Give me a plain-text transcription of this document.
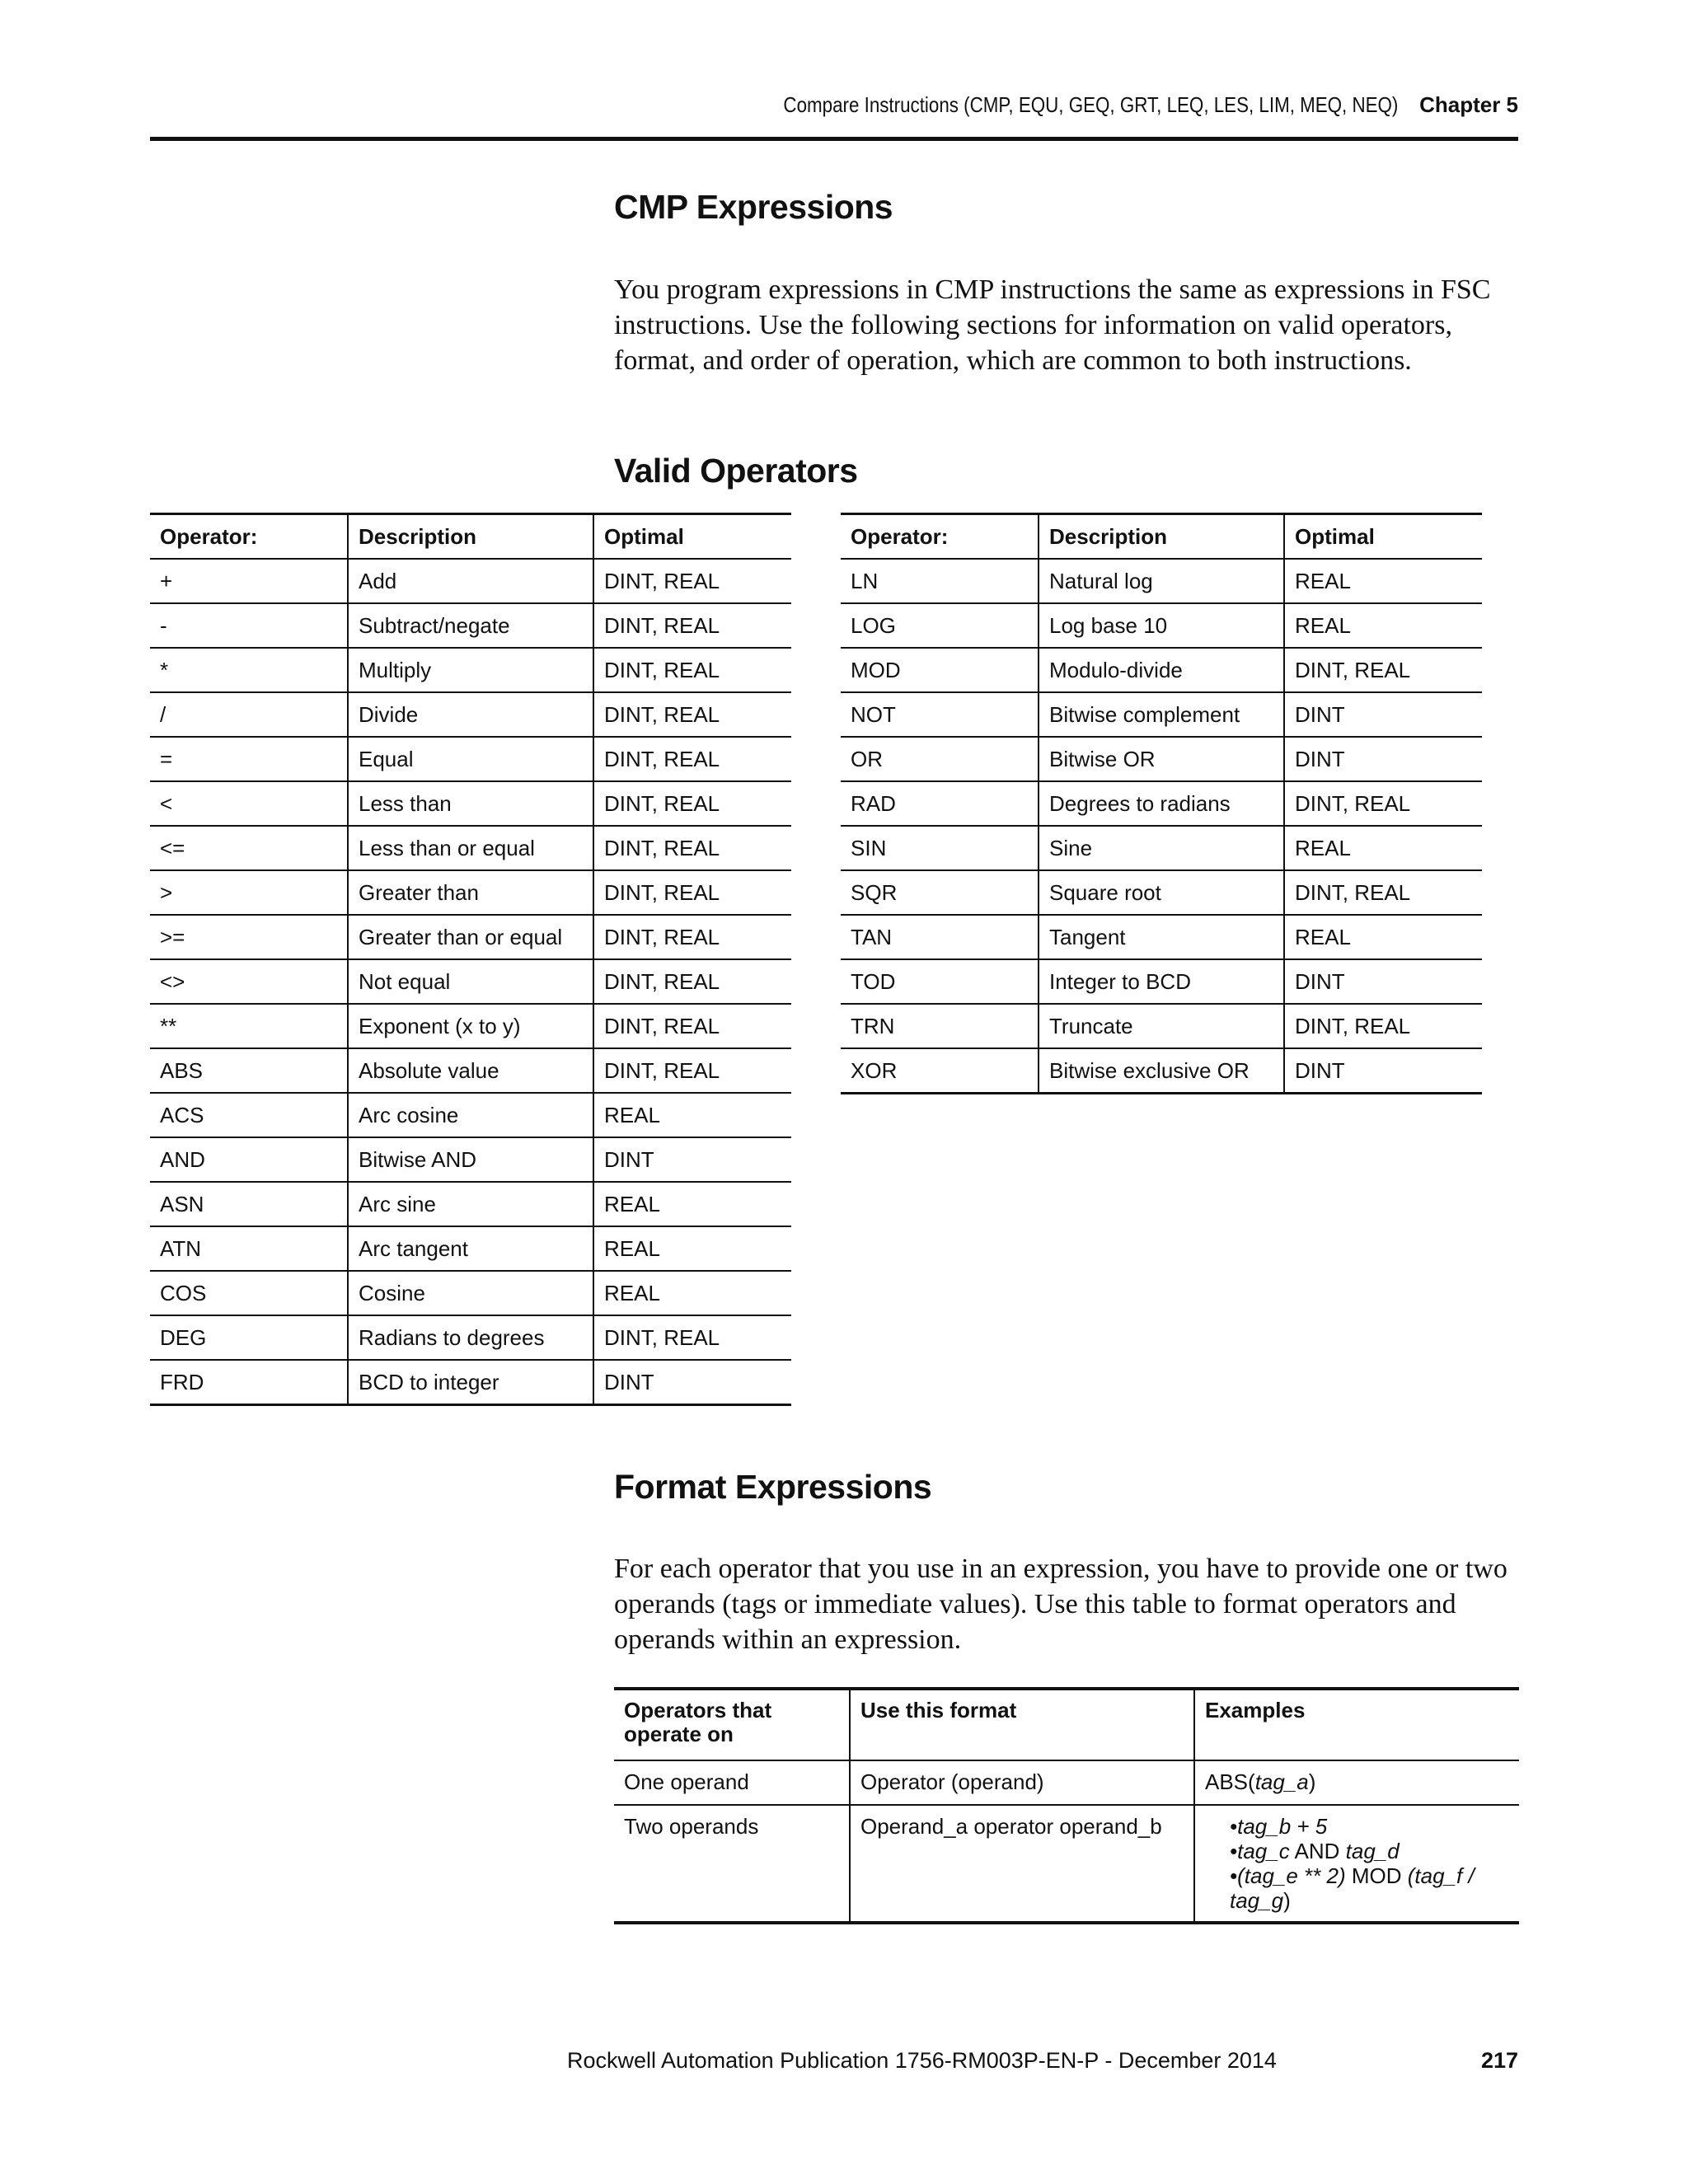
Compare Instructions (CMP, EQU, GEQ, GRT, LEQ, LES, LIM, MEQ, NEQ) Chapter 5
CMP Expressions
You program expressions in CMP instructions the same as expressions in FSC instructions. Use the following sections for information on valid operators, format, and order of operation, which are common to both instructions.
Valid Operators
Operator:	Description	Optimal
+	Add	DINT, REAL
-	Subtract/negate	DINT, REAL
*	Multiply	DINT, REAL
/	Divide	DINT, REAL
=	Equal	DINT, REAL
<	Less than	DINT, REAL
<=	Less than or equal	DINT, REAL
>	Greater than	DINT, REAL
>=	Greater than or equal	DINT, REAL
<>	Not equal	DINT, REAL
**	Exponent (x to y)	DINT, REAL
ABS	Absolute value	DINT, REAL
ACS	Arc cosine	REAL
AND	Bitwise AND	DINT
ASN	Arc sine	REAL
ATN	Arc tangent	REAL
COS	Cosine	REAL
DEG	Radians to degrees	DINT, REAL
FRD	BCD to integer	DINT
Operator:	Description	Optimal
LN	Natural log	REAL
LOG	Log base 10	REAL
MOD	Modulo-divide	DINT, REAL
NOT	Bitwise complement	DINT
OR	Bitwise OR	DINT
RAD	Degrees to radians	DINT, REAL
SIN	Sine	REAL
SQR	Square root	DINT, REAL
TAN	Tangent	REAL
TOD	Integer to BCD	DINT
TRN	Truncate	DINT, REAL
XOR	Bitwise exclusive OR	DINT
Format Expressions
For each operator that you use in an expression, you have to provide one or two operands (tags or immediate values). Use this table to format operators and operands within an expression.
Operators that operate on	Use this format	Examples
One operand	Operator (operand)	ABS(tag_a)
Two operands	Operand_a operator operand_b	•tag_b + 5
•tag_c AND tag_d
•(tag_e ** 2) MOD (tag_f / tag_g)
Rockwell Automation Publication 1756-RM003P-EN-P - December 2014	217
